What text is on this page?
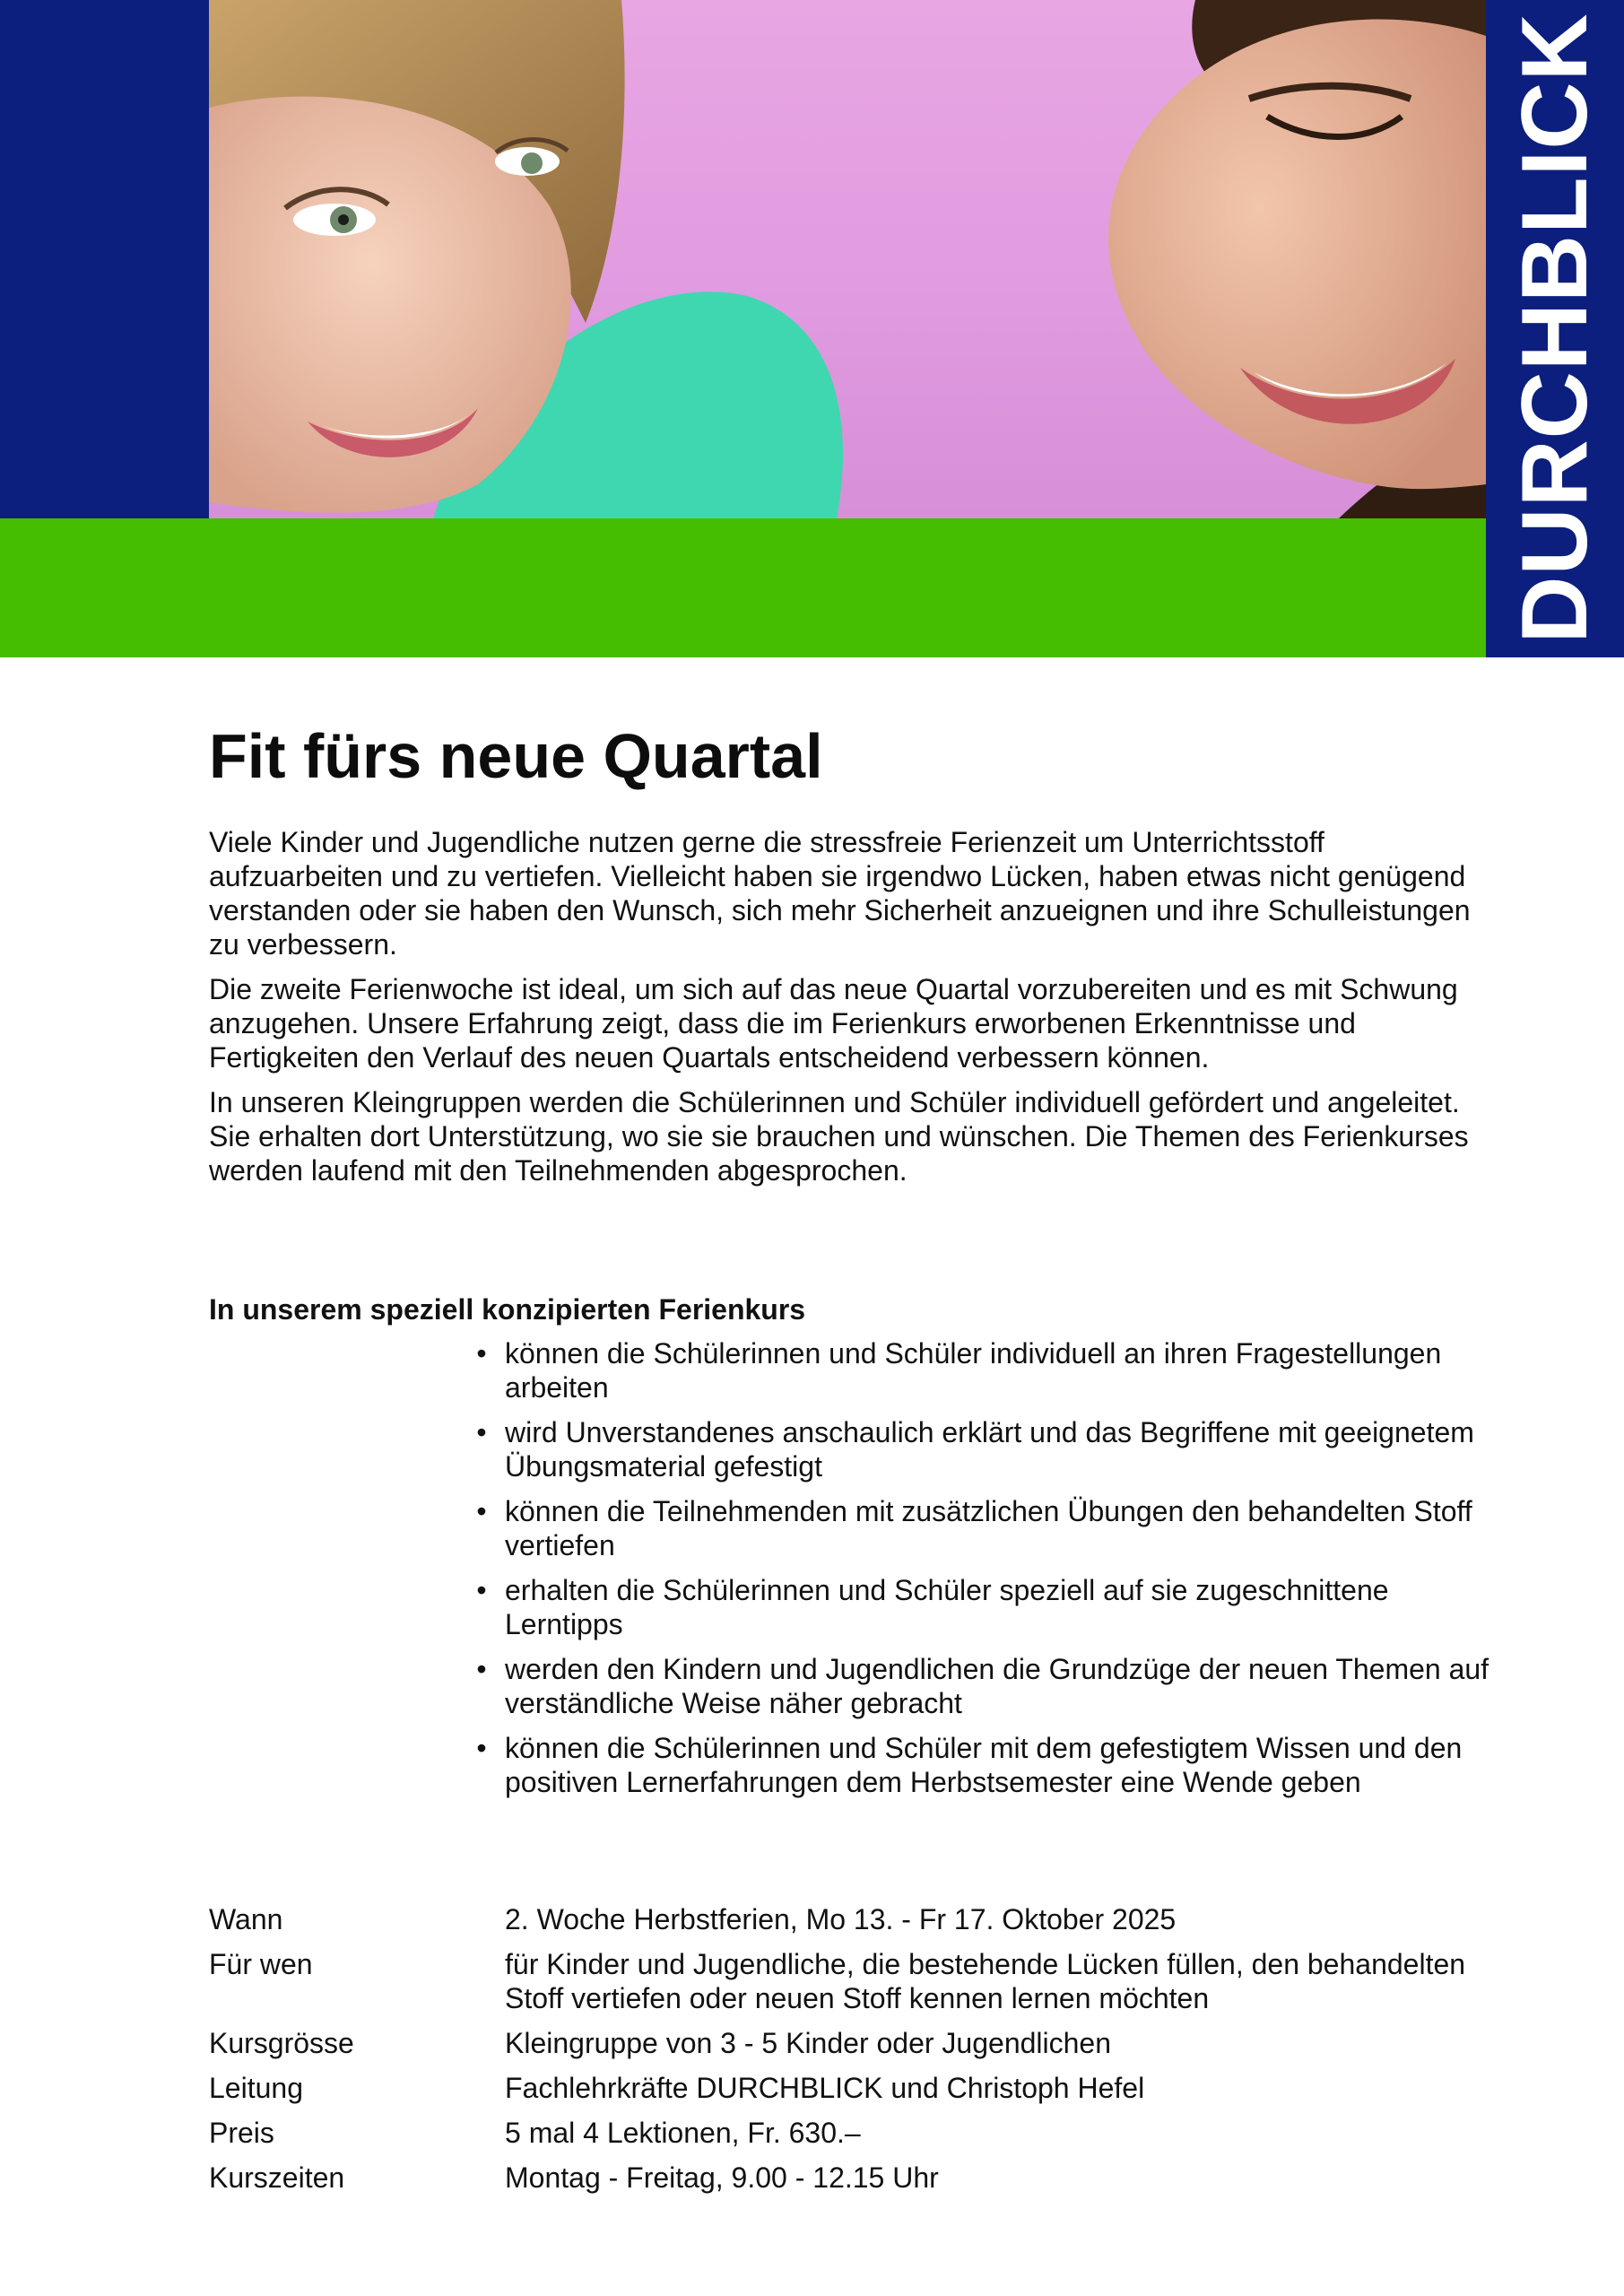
DURCHBLICK
Fit fürs neue Quartal

Viele Kinder und Jugendliche nutzen gerne die stressfreie Ferienzeit um Unterrichtsstoff aufzuarbeiten und zu vertiefen. Vielleicht haben sie irgendwo Lücken, haben etwas nicht genügend verstanden oder sie haben den Wunsch, sich mehr Sicherheit anzueignen und ihre Schulleistungen zu verbessern.

Die zweite Ferienwoche ist ideal, um sich auf das neue Quartal vorzubereiten und es mit Schwung anzugehen. Unsere Erfahrung zeigt, dass die im Ferienkurs erworbenen Erkenntnisse und Fertigkeiten den Verlauf des neuen Quartals entscheidend verbessern können.

In unseren Kleingruppen werden die Schülerinnen und Schüler individuell gefördert und angeleitet. Sie erhalten dort Unterstützung, wo sie sie brauchen und wünschen. Die Themen des Ferienkurses werden laufend mit den Teilnehmenden abgesprochen.

In unserem speziell konzipierten Ferienkurs
• können die Schülerinnen und Schüler individuell an ihren Fragestellungen arbeiten
• wird Unverstandenes anschaulich erklärt und das Begriffene mit geeignetem Übungsmaterial gefestigt
• können die Teilnehmenden mit zusätzlichen Übungen den behandelten Stoff vertiefen
• erhalten die Schülerinnen und Schüler speziell auf sie zugeschnittene Lerntipps
• werden den Kindern und Jugendlichen die Grundzüge der neuen Themen auf verständliche Weise näher gebracht
• können die Schülerinnen und Schüler mit dem gefestigtem Wissen und den positiven Lernerfahrungen dem Herbstsemester eine Wende geben
Wann	2. Woche Herbstferien, Mo 13. - Fr 17. Oktober 2025
Für wen	für Kinder und Jugendliche, die bestehende Lücken füllen, den behandelten Stoff vertiefen oder neuen Stoff kennen lernen möchten
Kursgrösse	Kleingruppe von 3 - 5 Kinder oder Jugendlichen
Leitung	Fachlehrkräfte DURCHBLICK und Christoph Hefel
Preis	5 mal 4 Lektionen, Fr. 630.–
Kurszeiten	Montag - Freitag, 9.00 - 12.15 Uhr
